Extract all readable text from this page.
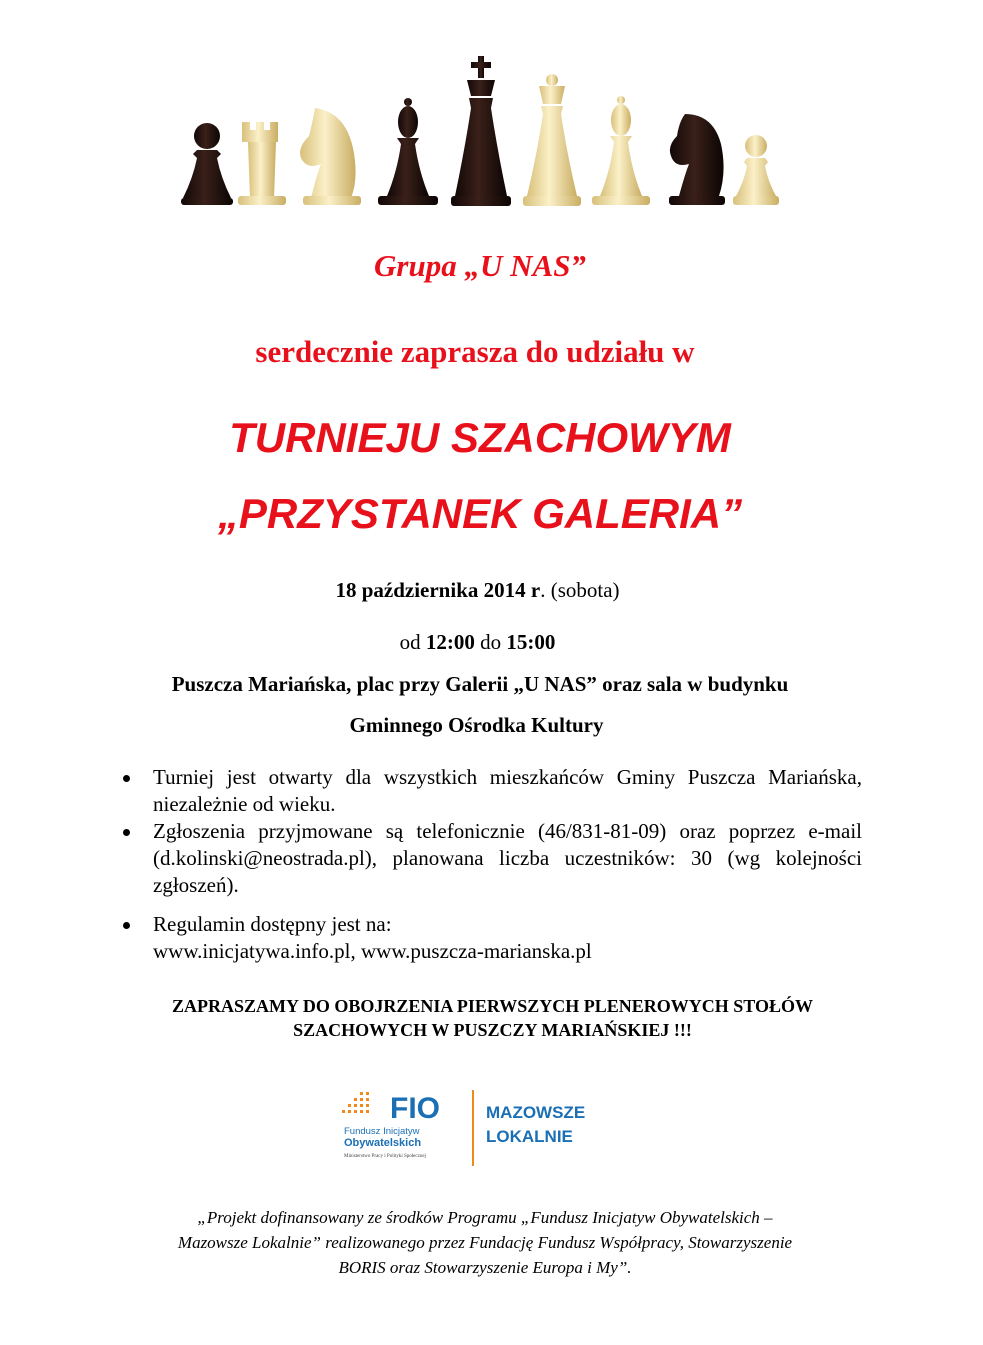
Grupa „U NAS”
serdecznie zaprasza do udziału w
TURNIEJU SZACHOWYM
„PRZYSTANEK GALERIA”
18 października 2014 r. (sobota)
od 12:00 do 15:00
Puszcza Mariańska, plac przy Galerii „U NAS” oraz sala w budynku
Gminnego Ośrodka Kultury
Turniej jest otwarty dla wszystkich mieszkańców Gminy Puszcza Mariańska, niezależnie od wieku.
Zgłoszenia przyjmowane są telefonicznie (46/831-81-09) oraz poprzez e-mail (d.kolinski@neostrada.pl), planowana liczba uczestników: 30 (wg kolejności zgłoszeń).
Regulamin dostępny jest na:
www.inicjatywa.info.pl, www.puszcza-marianska.pl
ZAPRASZAMY DO OBOJRZENIA PIERWSZYCH PLENEROWYCH STOŁÓW
SZACHOWYCH W PUSZCZY MARIAŃSKIEJ !!!
FIO
Fundusz Inicjatyw
Obywatelskich
Ministerstwo Pracy i Polityki Społecznej
MAZOWSZE
LOKALNIE
„Projekt dofinansowany ze środków Programu „Fundusz Inicjatyw Obywatelskich –
Mazowsze Lokalnie” realizowanego przez Fundację Fundusz Współpracy, Stowarzyszenie
BORIS oraz Stowarzyszenie Europa i My”.
